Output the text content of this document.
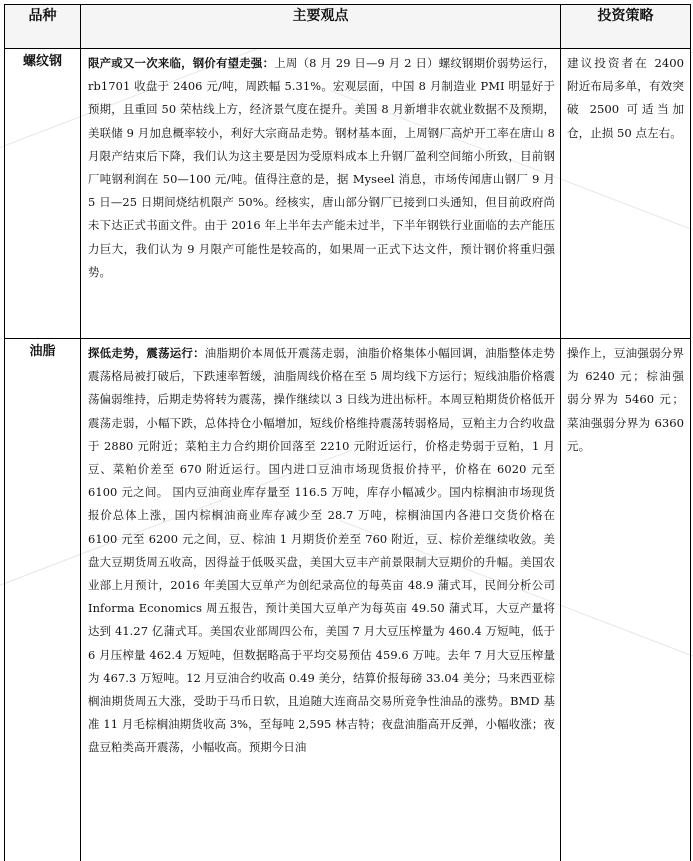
品种	主要观点	投资策略
螺纹钢	限产或又一次来临，钢价有望走强：上周（8 月 29 日—9 月 2 日）螺纹钢期价弱势运行，rb1701 收盘于 2406 元/吨，周跌幅 5.31%。宏观层面，中国 8 月制造业 PMI 明显好于预期，且重回 50 荣枯线上方，经济景气度在提升。美国 8 月新增非农就业数据不及预期，美联储 9 月加息概率较小，利好大宗商品走势。钢材基本面，上周钢厂高炉开工率在唐山 8 月限产结束后下降，我们认为这主要是因为受原料成本上升钢厂盈利空间缩小所致，目前钢厂吨钢利润在 50—100 元/吨。值得注意的是，据 Myseel 消息，市场传闻唐山钢厂 9 月 5 日—25 日期间烧结机限产 50%。经核实，唐山部分钢厂已接到口头通知，但目前政府尚未下达正式书面文件。由于 2016 年上半年去产能未过半，下半年钢铁行业面临的去产能压力巨大，我们认为 9 月限产可能性是较高的，如果周一正式下达文件，预计钢价将重归强势。	建议投资者在 2400 附近布局多单，有效突破 2500 可适当加仓，止损 50 点左右。
油脂	探低走势，震荡运行：油脂期价本周低开震荡走弱，油脂价格集体小幅回调，油脂整体走势震荡格局被打破后，下跌速率暂缓，油脂周线价格在至 5 周均线下方运行；短线油脂价格震荡偏弱维持，后期走势将转为震荡，操作继续以 3 日线为进出标杆。本周豆粕期货价格低开震荡走弱，小幅下跌，总体持仓小幅增加，短线价格维持震荡转弱格局，豆粕主力合约收盘于 2880 元附近；菜粕主力合约期价回落至 2210 元附近运行，价格走势弱于豆粕，1 月豆、菜粕价差至 670 附近运行。国内进口豆油市场现货报价持平，价格在 6020 元至 6100 元之间。 国内豆油商业库存量至 116.5 万吨，库存小幅减少。国内棕榈油市场现货报价总体上涨，国内棕榈油商业库存减少至 28.7 万吨，棕榈油国内各港口交货价格在 6100 元至 6200 元之间，豆、棕油 1 月期货价差至 760 附近，豆、棕价差继续收敛。美盘大豆期货周五收高，因得益于低吸买盘，美国大豆丰产前景限制大豆期价的升幅。美国农业部上月预计，2016 年美国大豆单产为创纪录高位的每英亩 48.9 蒲式耳，民间分析公司 Informa Economics 周五报告，预计美国大豆单产为每英亩 49.50 蒲式耳，大豆产量将达到 41.27 亿蒲式耳。美国农业部周四公布，美国 7 月大豆压榨量为 460.4 万短吨，低于 6 月压榨量 462.4 万短吨，但数据略高于平均交易预估 459.6 万吨。去年 7 月大豆压榨量为 467.3 万短吨。12 月豆油合约收高 0.49 美分，结算价报每磅 33.04 美分；马来西亚棕榈油期货周五大涨，受助于马币日软，且追随大连商品交易所竞争性油品的涨势。BMD 基准 11 月毛棕榈油期货收高 3%，至每吨 2,595 林吉特；夜盘油脂高开反弹，小幅收涨；夜盘豆粕类高开震荡，小幅收高。预期今日油	操作上，豆油强弱分界为 6240 元；棕油强弱分界为 5460 元；菜油强弱分界为 6360 元。
